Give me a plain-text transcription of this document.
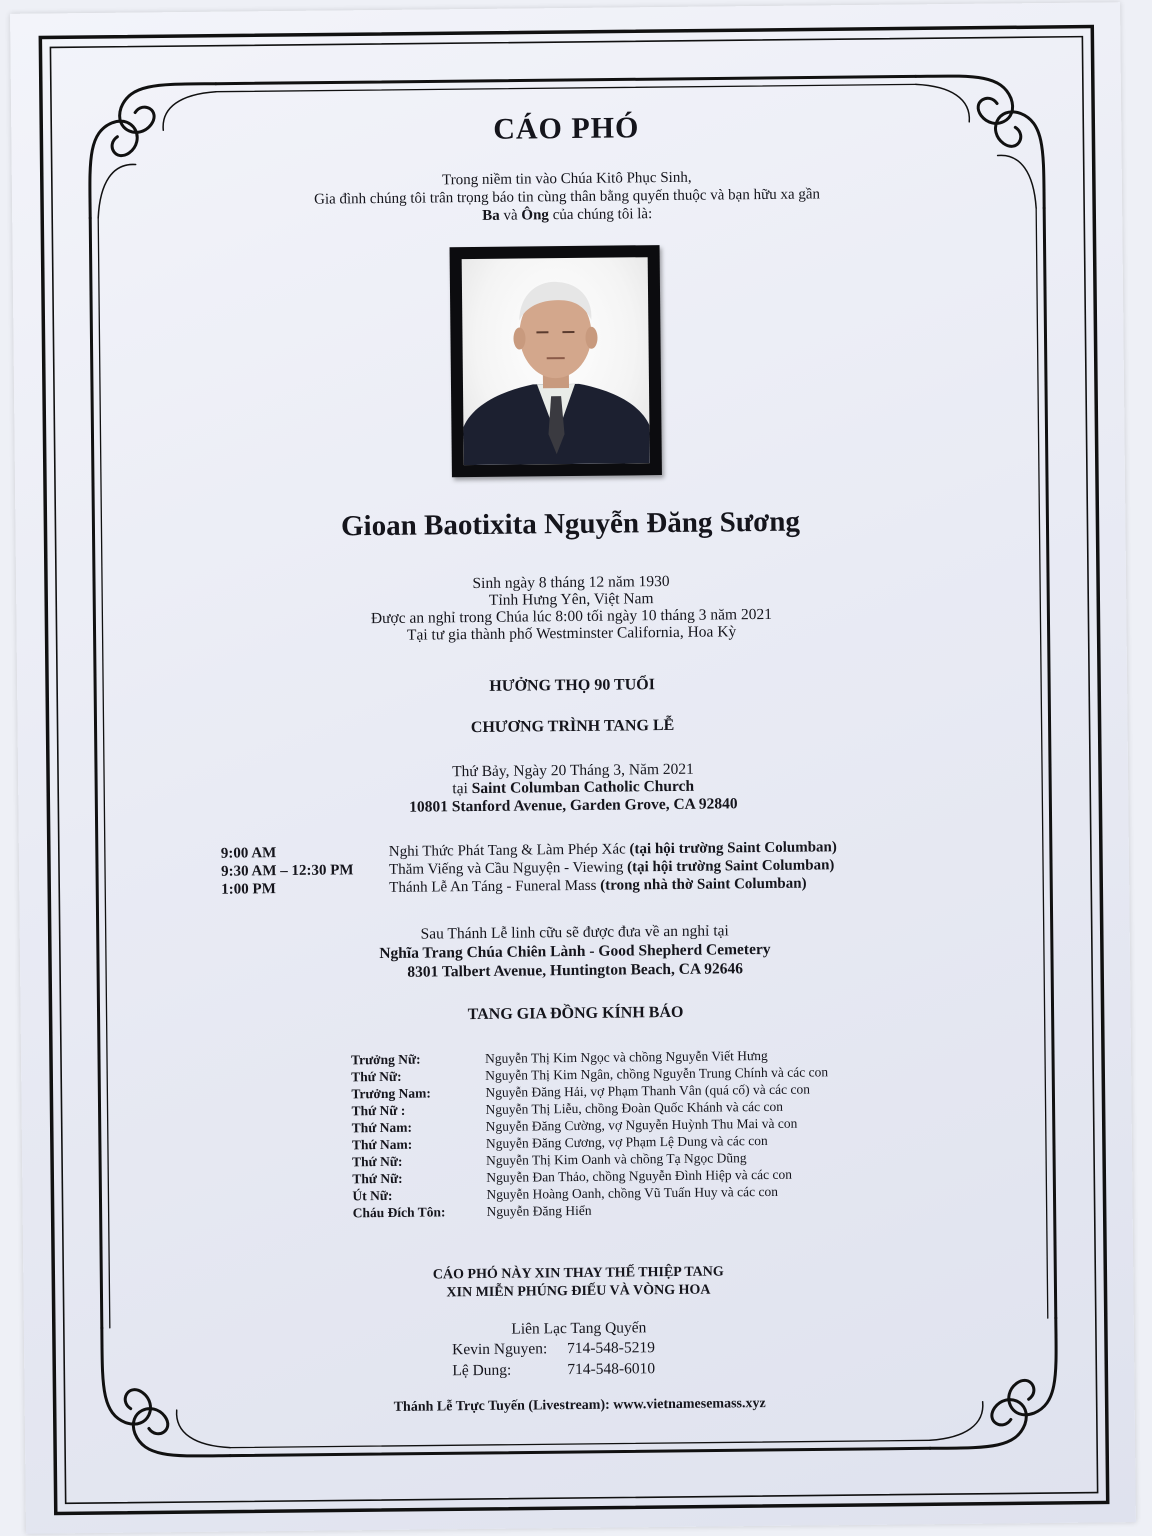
CÁO PHÓ
Trong niềm tin vào Chúa Kitô Phục Sinh,
Gia đình chúng tôi trân trọng báo tin cùng thân bằng quyến thuộc và bạn hữu xa gần
Ba và Ông của chúng tôi là:
Gioan Baotixita Nguyễn Đăng Sương
Sinh ngày 8 tháng 12 năm 1930
Tỉnh Hưng Yên, Việt Nam
Được an nghỉ trong Chúa lúc 8:00 tối ngày 10 tháng 3 năm 2021
Tại tư gia thành phố Westminster California, Hoa Kỳ
HƯỞNG THỌ 90 TUỔI
CHƯƠNG TRÌNH TANG LỄ
Thứ Bảy, Ngày 20 Tháng 3, Năm 2021
tại Saint Columban Catholic Church
10801 Stanford Avenue, Garden Grove, CA 92840
9:00 AM	Nghi Thức Phát Tang & Làm Phép Xác (tại hội trường Saint Columban)
9:30 AM – 12:30 PM Thăm Viếng và Cầu Nguyện - Viewing (tại hội trường Saint Columban)
1:00 PM	Thánh Lễ An Táng - Funeral Mass (trong nhà thờ Saint Columban)
Sau Thánh Lễ linh cữu sẽ được đưa về an nghỉ tại
Nghĩa Trang Chúa Chiên Lành - Good Shepherd Cemetery
8301 Talbert Avenue, Huntington Beach, CA 92646
TANG GIA ĐỒNG KÍNH BÁO
Trưởng Nữ:	Nguyễn Thị Kim Ngọc và chồng Nguyễn Viết Hưng
Thứ Nữ:	Nguyễn Thị Kim Ngân, chồng Nguyễn Trung Chính và các con
Trưởng Nam:	Nguyễn Đăng Hải, vợ Phạm Thanh Vân (quá cố) và các con
Thứ Nữ :	Nguyễn Thị Liễu, chồng Đoàn Quốc Khánh và các con
Thứ Nam:	Nguyễn Đăng Cường, vợ Nguyễn Huỳnh Thu Mai và con
Thứ Nam:	Nguyễn Đăng Cương, vợ Phạm Lệ Dung và các con
Thứ Nữ:	Nguyễn Thị Kim Oanh và chồng Tạ Ngọc Dũng
Thứ Nữ:	Nguyễn Đan Thảo, chồng Nguyễn Đình Hiệp và các con
Út Nữ:	Nguyễn Hoàng Oanh, chồng Vũ Tuấn Huy và các con
Cháu Đích Tôn:	Nguyễn Đăng Hiển
CÁO PHÓ NÀY XIN THAY THẾ THIỆP TANG
XIN MIỄN PHÚNG ĐIẾU VÀ VÒNG HOA
Liên Lạc Tang Quyến
Kevin Nguyen: 714-548-5219
Lệ Dung:	714-548-6010
Thánh Lễ Trực Tuyến (Livestream): www.vietnamesemass.xyz
